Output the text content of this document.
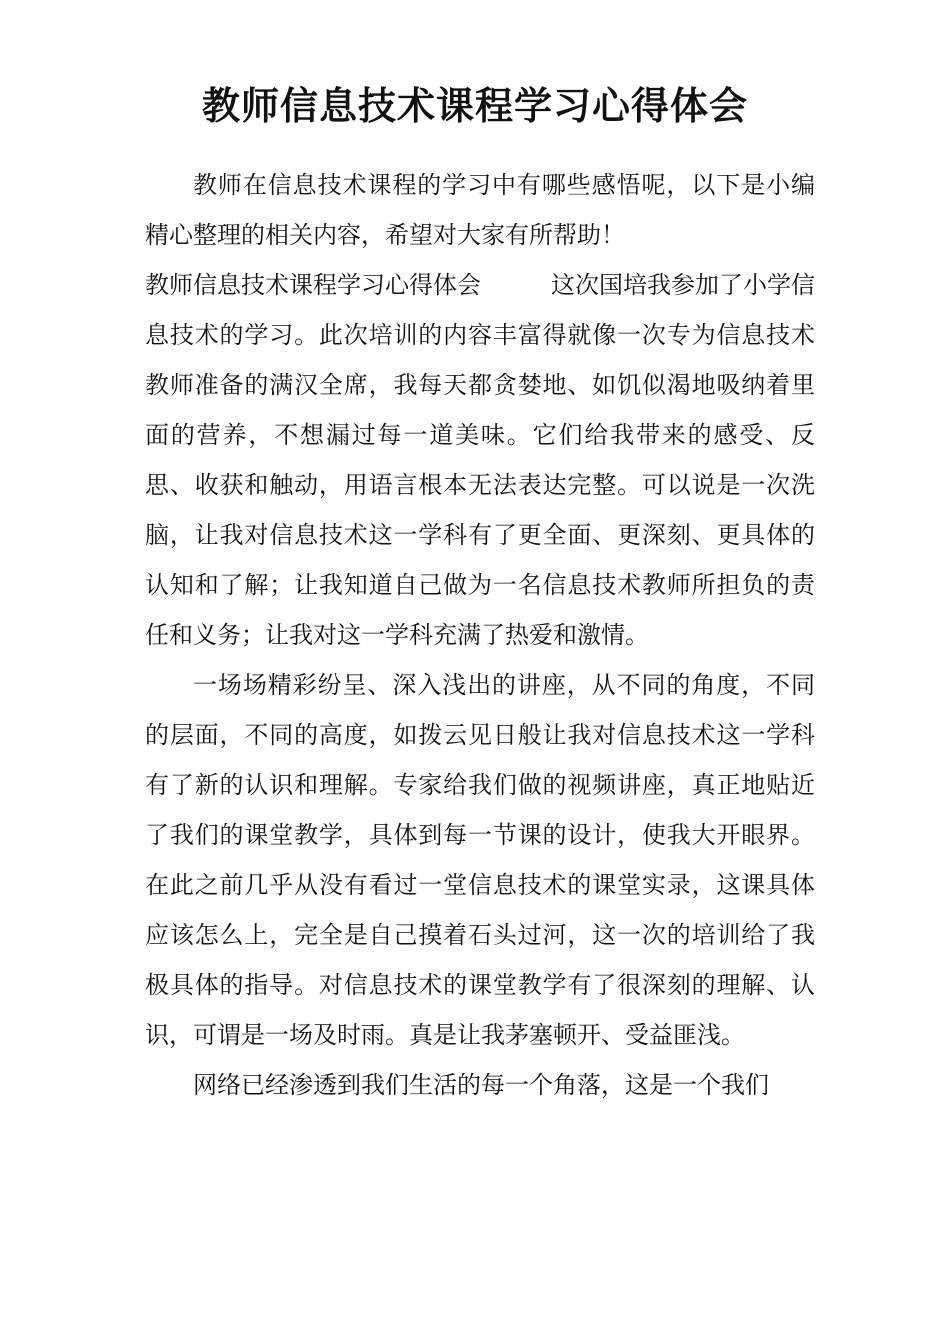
教师信息技术课程学习心得体会

教师在信息技术课程的学习中有哪些感悟呢，以下是小编精心整理的相关内容，希望对大家有所帮助！

教师信息技术课程学习心得体会	这次国培我参加了小学信息技术的学习。此次培训的内容丰富得就像一次专为信息技术教师准备的满汉全席，我每天都贪婪地、如饥似渴地吸纳着里面的营养，不想漏过每一道美味。它们给我带来的感受、反思、收获和触动，用语言根本无法表达完整。可以说是一次洗脑，让我对信息技术这一学科有了更全面、更深刻、更具体的认知和了解；让我知道自己做为一名信息技术教师所担负的责任和义务；让我对这一学科充满了热爱和激情。

一场场精彩纷呈、深入浅出的讲座，从不同的角度，不同的层面，不同的高度，如拨云见日般让我对信息技术这一学科有了新的认识和理解。专家给我们做的视频讲座，真正地贴近了我们的课堂教学，具体到每一节课的设计，使我大开眼界。在此之前几乎从没有看过一堂信息技术的课堂实录，这课具体应该怎么上，完全是自己摸着石头过河，这一次的培训给了我极具体的指导。对信息技术的课堂教学有了很深刻的理解、认识，可谓是一场及时雨。真是让我茅塞顿开、受益匪浅。

网络已经渗透到我们生活的每一个角落，这是一个我们
